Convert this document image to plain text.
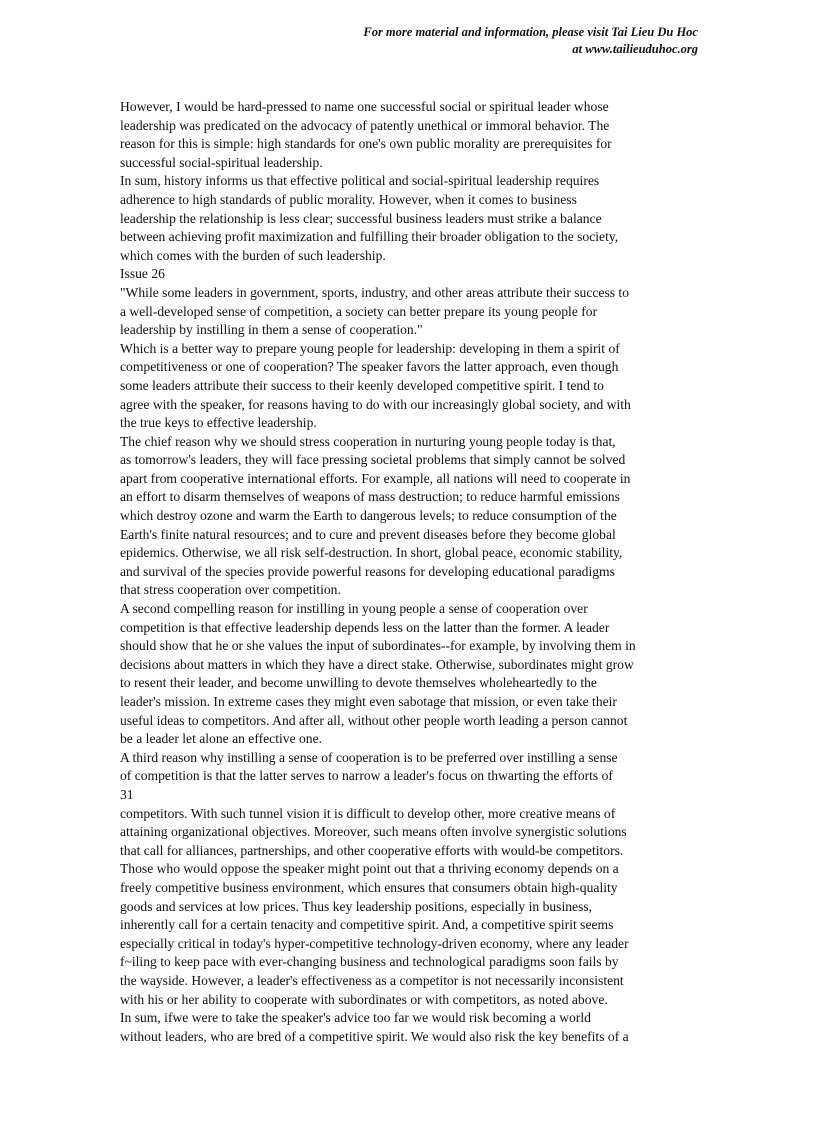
For more material and information, please visit Tai Lieu Du Hoc
at www.tailieuduhoc.org
However, I would be hard-pressed to name one successful social or spiritual leader whose
leadership was predicated on the advocacy of patently unethical or immoral behavior. The
reason for this is simple: high standards for one's own public morality are prerequisites for
successful social-spiritual leadership.
In sum, history informs us that effective political and social-spiritual leadership requires
adherence to high standards of public morality. However, when it comes to business
leadership the relationship is less clear; successful business leaders must strike a balance
between achieving profit maximization and fulfilling their broader obligation to the society,
which comes with the burden of such leadership.
Issue 26
"While some leaders in government, sports, industry, and other areas attribute their success to
a well-developed sense of competition, a society can better prepare its young people for
leadership by instilling in them a sense of cooperation."
Which is a better way to prepare young people for leadership: developing in them a spirit of
competitiveness or one of cooperation? The speaker favors the latter approach, even though
some leaders attribute their success to their keenly developed competitive spirit. I tend to
agree with the speaker, for reasons having to do with our increasingly global society, and with
the true keys to effective leadership.
The chief reason why we should stress cooperation in nurturing young people today is that,
as tomorrow's leaders, they will face pressing societal problems that simply cannot be solved
apart from cooperative international efforts. For example, all nations will need to cooperate in
an effort to disarm themselves of weapons of mass destruction; to reduce harmful emissions
which destroy ozone and warm the Earth to dangerous levels; to reduce consumption of the
Earth's finite natural resources; and to cure and prevent diseases before they become global
epidemics. Otherwise, we all risk self-destruction. In short, global peace, economic stability,
and survival of the species provide powerful reasons for developing educational paradigms
that stress cooperation over competition.
A second compelling reason for instilling in young people a sense of cooperation over
competition is that effective leadership depends less on the latter than the former. A leader
should show that he or she values the input of subordinates--for example, by involving them in
decisions about matters in which they have a direct stake. Otherwise, subordinates might grow
to resent their leader, and become unwilling to devote themselves wholeheartedly to the
leader's mission. In extreme cases they might even sabotage that mission, or even take their
useful ideas to competitors. And after all, without other people worth leading a person cannot
be a leader let alone an effective one.
A third reason why instilling a sense of cooperation is to be preferred over instilling a sense
of competition is that the latter serves to narrow a leader's focus on thwarting the efforts of
31
competitors. With such tunnel vision it is difficult to develop other, more creative means of
attaining organizational objectives. Moreover, such means often involve synergistic solutions
that call for alliances, partnerships, and other cooperative efforts with would-be competitors.
Those who would oppose the speaker might point out that a thriving economy depends on a
freely competitive business environment, which ensures that consumers obtain high-quality
goods and services at low prices. Thus key leadership positions, especially in business,
inherently call for a certain tenacity and competitive spirit. And, a competitive spirit seems
especially critical in today's hyper-competitive technology-driven economy, where any leader
f~iling to keep pace with ever-changing business and technological paradigms soon fails by
the wayside. However, a leader's effectiveness as a competitor is not necessarily inconsistent
with his or her ability to cooperate with subordinates or with competitors, as noted above.
In sum, ifwe were to take the speaker's advice too far we would risk becoming a world
without leaders, who are bred of a competitive spirit. We would also risk the key benefits of a
